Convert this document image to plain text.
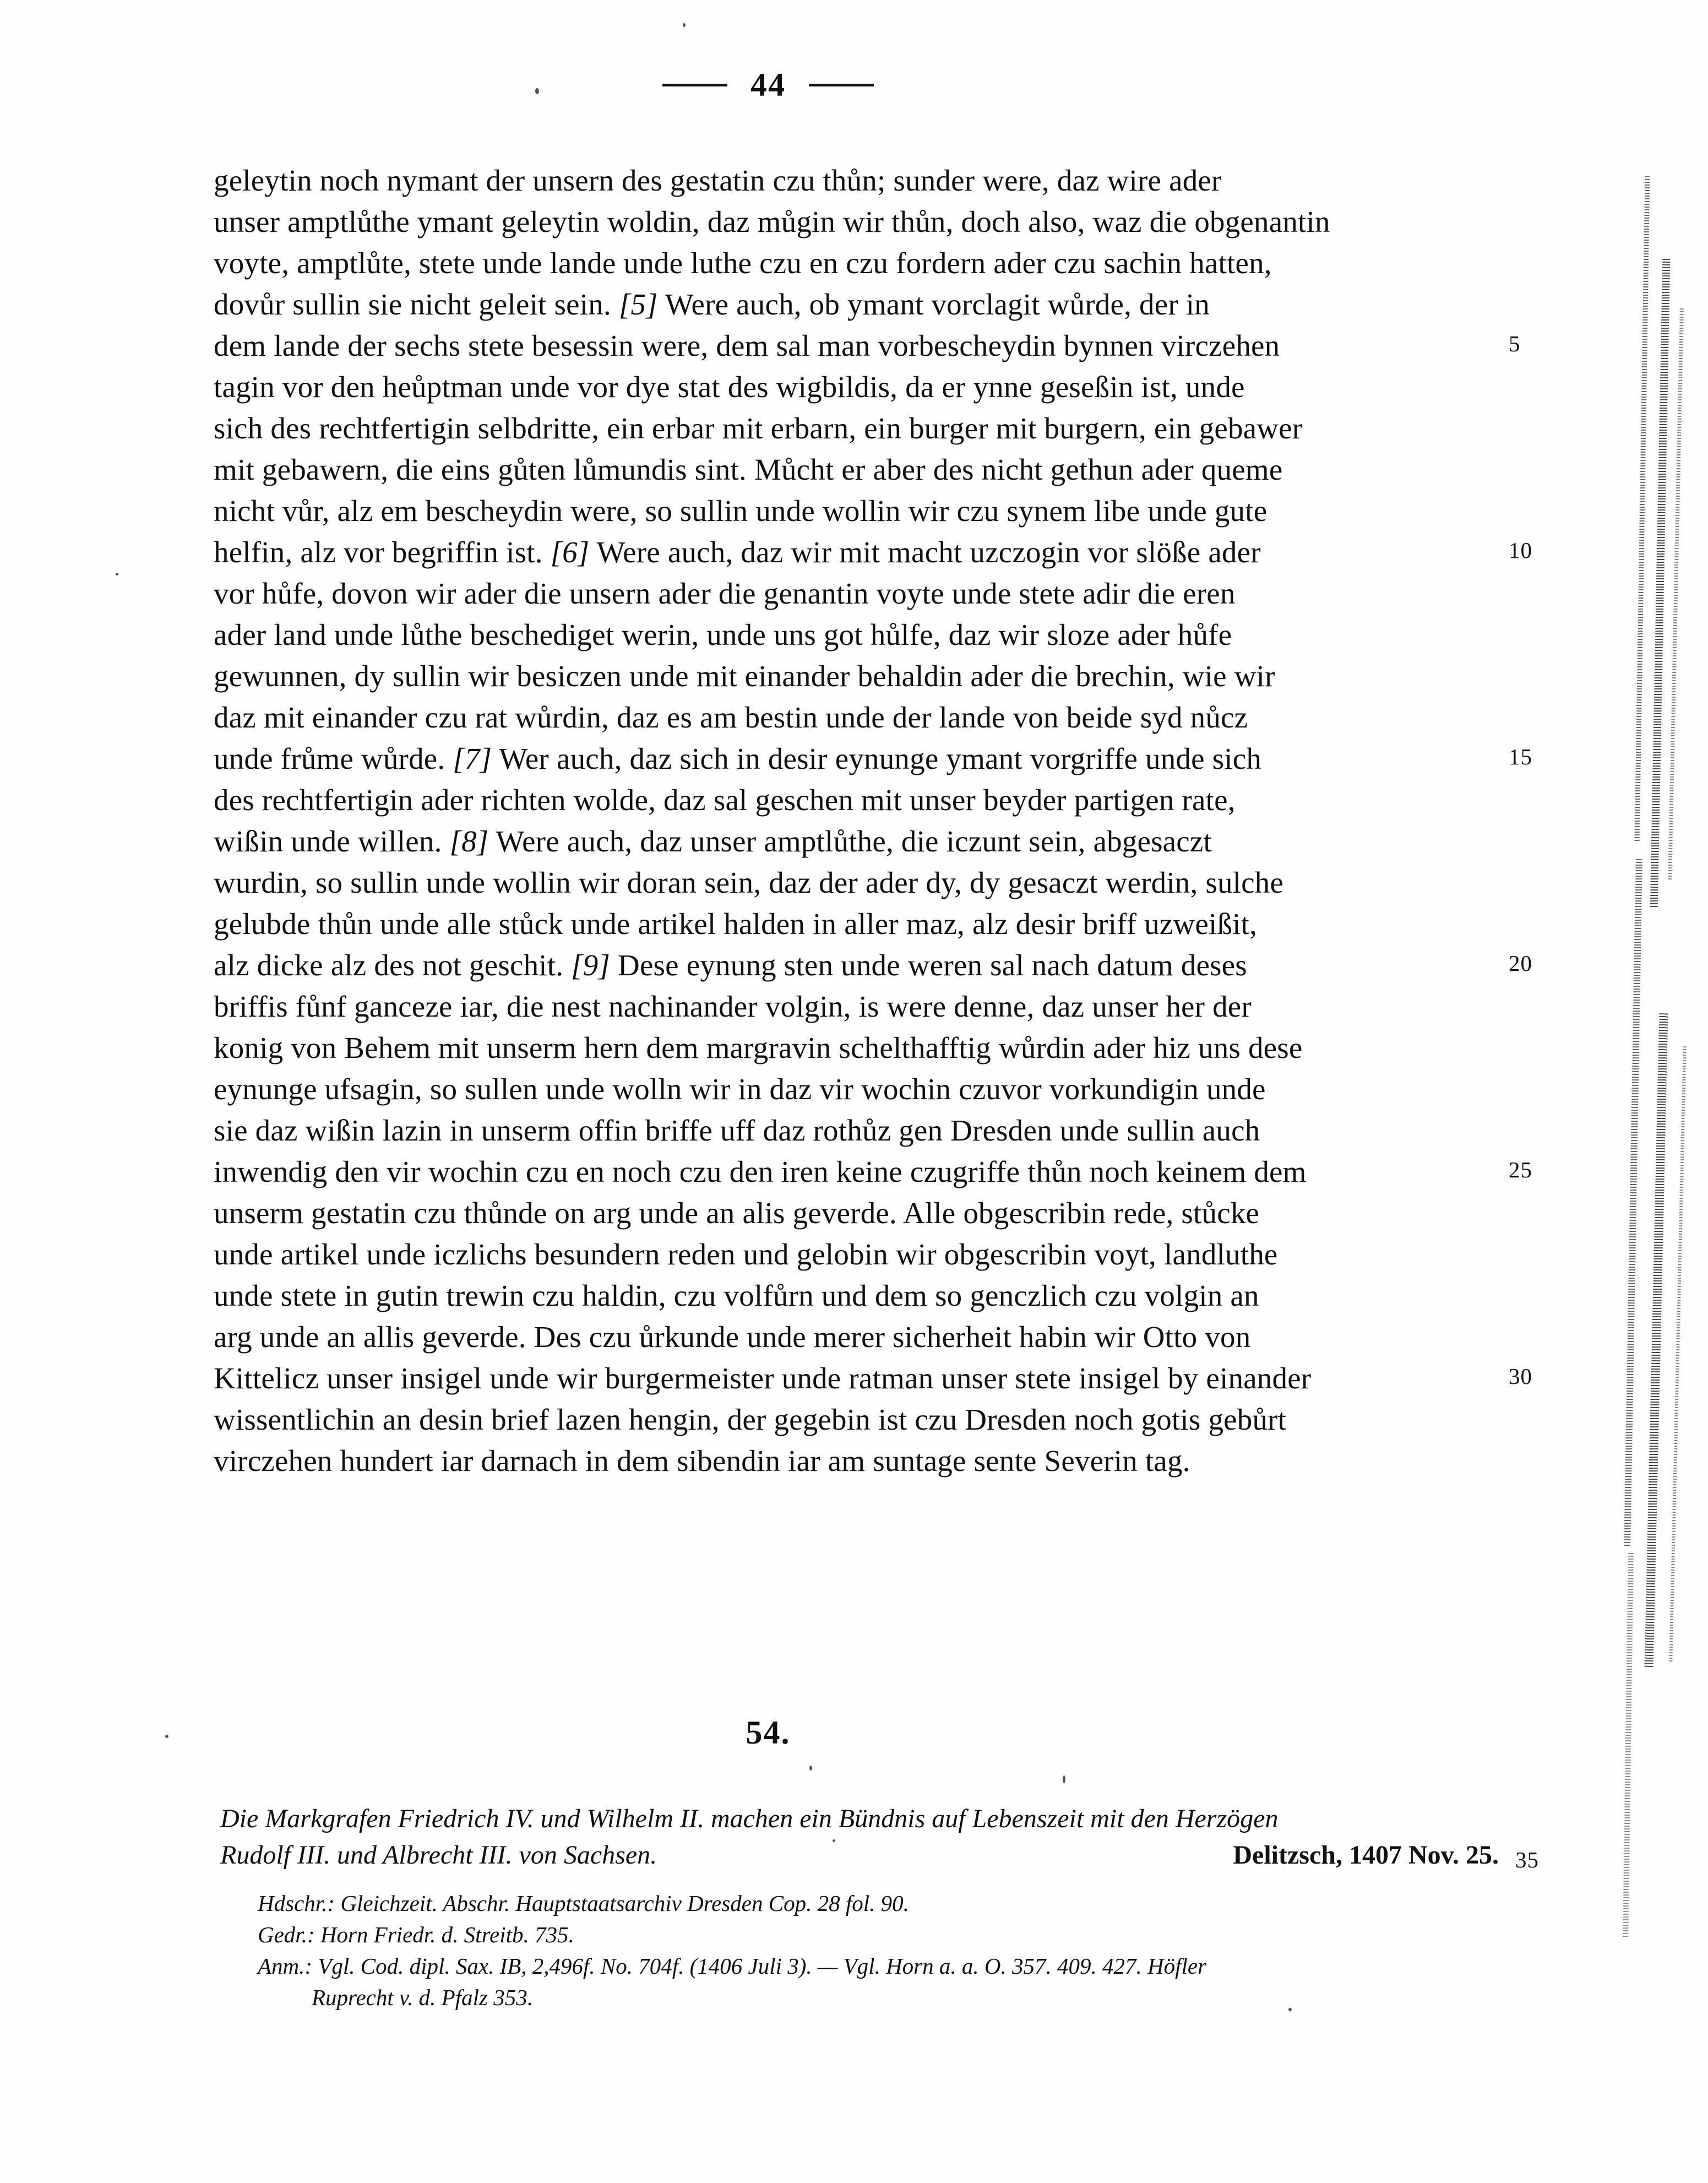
44
geleytin noch nymant der unsern des gestatin czu thůn; sunder were, daz wire ader
unser amptlůthe ymant geleytin woldin, daz můgin wir thůn, doch also, waz die obgenantin
voyte, amptlůte, stete unde lande unde luthe czu en czu fordern ader czu sachin hatten,
dovůr sullin sie nicht geleit sein. [5] Were auch, ob ymant vorclagit wůrde, der in
dem lande der sechs stete besessin were, dem sal man vorbescheydin bynnen virczehen	5
tagin vor den heůptman unde vor dye stat des wigbildis, da er ynne geseßin ist, unde
sich des rechtfertigin selbdritte, ein erbar mit erbarn, ein burger mit burgern, ein gebawer
mit gebawern, die eins gůten lůmundis sint. Můcht er aber des nicht gethun ader queme
nicht vůr, alz em bescheydin were, so sullin unde wollin wir czu synem libe unde gute
helfin, alz vor begriffin ist. [6] Were auch, daz wir mit macht uzczogin vor slöße ader	10
vor hůfe, dovon wir ader die unsern ader die genantin voyte unde stete adir die eren
ader land unde lůthe beschediget werin, unde uns got hůlfe, daz wir sloze ader hůfe
gewunnen, dy sullin wir besiczen unde mit einander behaldin ader die brechin, wie wir
daz mit einander czu rat wůrdin, daz es am bestin unde der lande von beide syd nůcz
unde frůme wůrde. [7] Wer auch, daz sich in desir eynunge ymant vorgriffe unde sich	15
des rechtfertigin ader richten wolde, daz sal geschen mit unser beyder partigen rate,
wißin unde willen. [8] Were auch, daz unser amptlůthe, die iczunt sein, abgesaczt
wurdin, so sullin unde wollin wir doran sein, daz der ader dy, dy gesaczt werdin, sulche
gelubde thůn unde alle stůck unde artikel halden in aller maz, alz desir briff uzweißit,
alz dicke alz des not geschit. [9] Dese eynung sten unde weren sal nach datum deses	20
briffis fůnf ganceze iar, die nest nachinander volgin, is were denne, daz unser her der
konig von Behem mit unserm hern dem margravin schelthafftig wůrdin ader hiz uns dese
eynunge ufsagin, so sullen unde wolln wir in daz vir wochin czuvor vorkundigin unde
sie daz wißin lazin in unserm offin briffe uff daz rothůz gen Dresden unde sullin auch
inwendig den vir wochin czu en noch czu den iren keine czugriffe thůn noch keinem dem	25
unserm gestatin czu thůnde on arg unde an alis geverde. Alle obgescribin rede, stůcke
unde artikel unde iczlichs besundern reden und gelobin wir obgescribin voyt, landluthe
unde stete in gutin trewin czu haldin, czu volfůrn und dem so genczlich czu volgin an
arg unde an allis geverde. Des czu ůrkunde unde merer sicherheit habin wir Otto von
Kittelicz unser insigel unde wir burgermeister unde ratman unser stete insigel by einander	30
wissentlichin an desin brief lazen hengin, der gegebin ist czu Dresden noch gotis gebůrt
virczehen hundert iar darnach in dem sibendin iar am suntage sente Severin tag.
54.
Die Markgrafen Friedrich IV. und Wilhelm II. machen ein Bündnis auf Lebenszeit mit den Herzögen
Rudolf III. und Albrecht III. von Sachsen.	Delitzsch, 1407 Nov. 25. 35
Hdschr.: Gleichzeit. Abschr. Hauptstaatsarchiv Dresden Cop. 28 fol. 90.
Gedr.: Horn Friedr. d. Streitb. 735.
Anm.: Vgl. Cod. dipl. Sax. IB, 2,496f. No. 704f. (1406 Juli 3). — Vgl. Horn a. a. O. 357. 409. 427. Höfler
Ruprecht v. d. Pfalz 353.
